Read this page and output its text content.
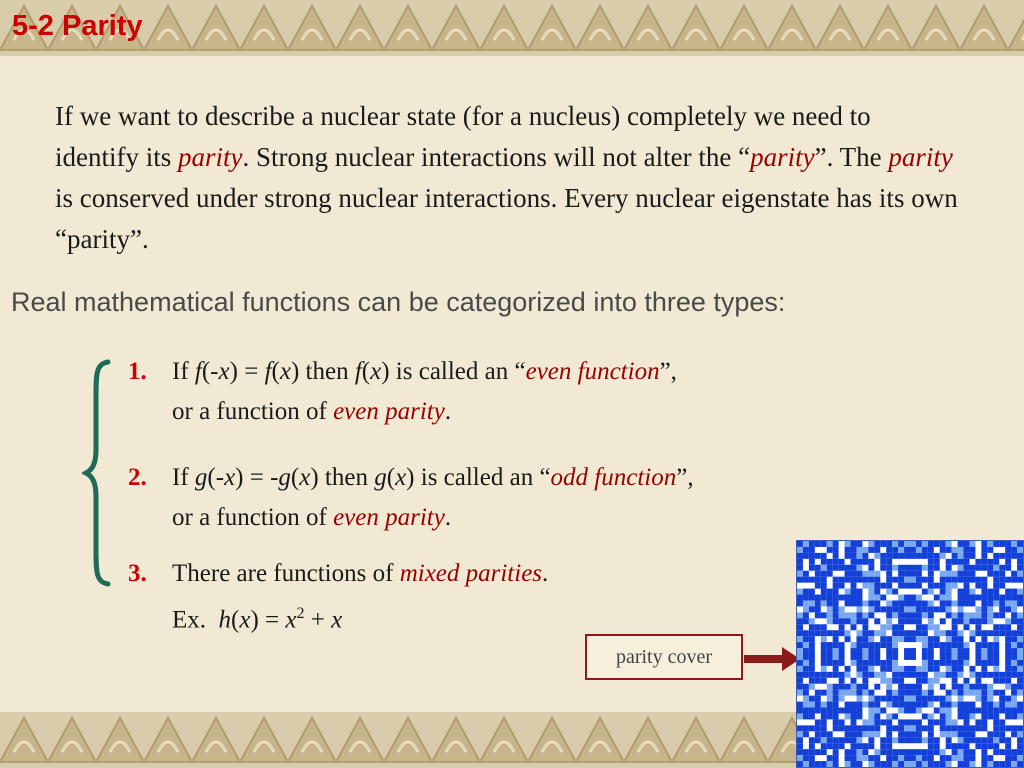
5-2 Parity

If we want to describe a nuclear state (for a nucleus) completely we need to identify its parity. Strong nuclear interactions will not alter the “parity”. The parity is conserved under strong nuclear interactions. Every nuclear eigenstate has its own “parity”.

Real mathematical functions can be categorized into three types:

1. If f(-x) = f(x) then f(x) is called an “even function”,
or a function of even parity.
2. If g(-x) = -g(x) then g(x) is called an “odd function”,
or a function of even parity.
3. There are functions of mixed parities.
Ex.  $h(x) = x^2 + x$
parity cover
